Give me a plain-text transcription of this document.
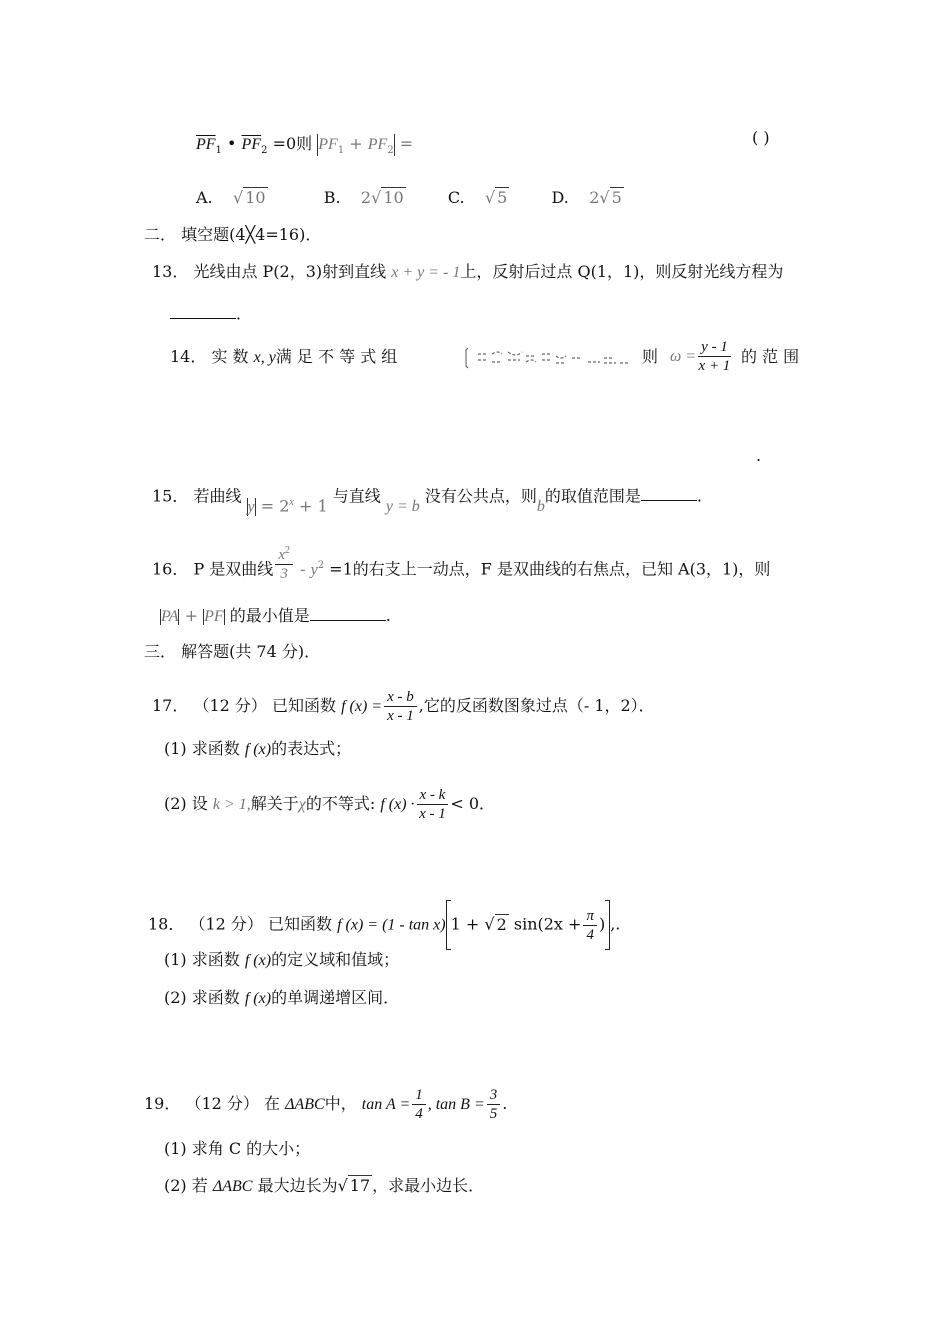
$\overline{PF}_1$ • $\overline{PF}_2 =0$则 $PF_1 + PF_2$ =	( )
A. √ 10	B. 2√ 10	C. √ 5	D. 2√ 5
二． 填空题(4╳4=16)．
13． 光线由点 P(2，3)射到直线 x + y = - 1上，反射后过点 Q(1，1)，则反射光线方程为
．
14． 实 数 x, y满 足 不 等 式 组	则 $\omega = \frac{y - 1}{x + 1}$ 的 范 围
.
15． 若曲线 $y = 2^x + 1$ 与直线 y = b 没有公共点，则b的取值范围是	.
16． P 是双曲线 $\frac{x^2}{3} - y^2 =1$的右支上一动点，F 是双曲线的右焦点，已知 A(3，1)，则
PA + PF 的最小值是	.
三． 解答题(共 74 分)．
17． （12 分） 已知函数 f $(x) = \frac{x - b}{x - 1}$ ,它的反函数图象过点（- 1，2）．
(1) 求函数 f (x)的表达式；
(2) 设 k > 1,解关于χ的不等式: f $(x) \cdot \frac{x - k}{x - 1} < 0$．
18． （12 分） 已知函数 f (x) = (1 - tan x) 1 + √ 2 $\sin(2x + \frac{\pi}{4}$ ) ,.
(1) 求函数 f (x)的定义域和值域；
(2) 求函数 f (x)的单调递增区间．
19． （12 分） 在 ΔABC中， $\tan A = \frac{1}{4}$ , $\tan B = \frac{3}{5}$ .
(1) 求角 C 的大小；
(2) 若 ΔABC 最大边长为√ 17 ，求最小边长．
